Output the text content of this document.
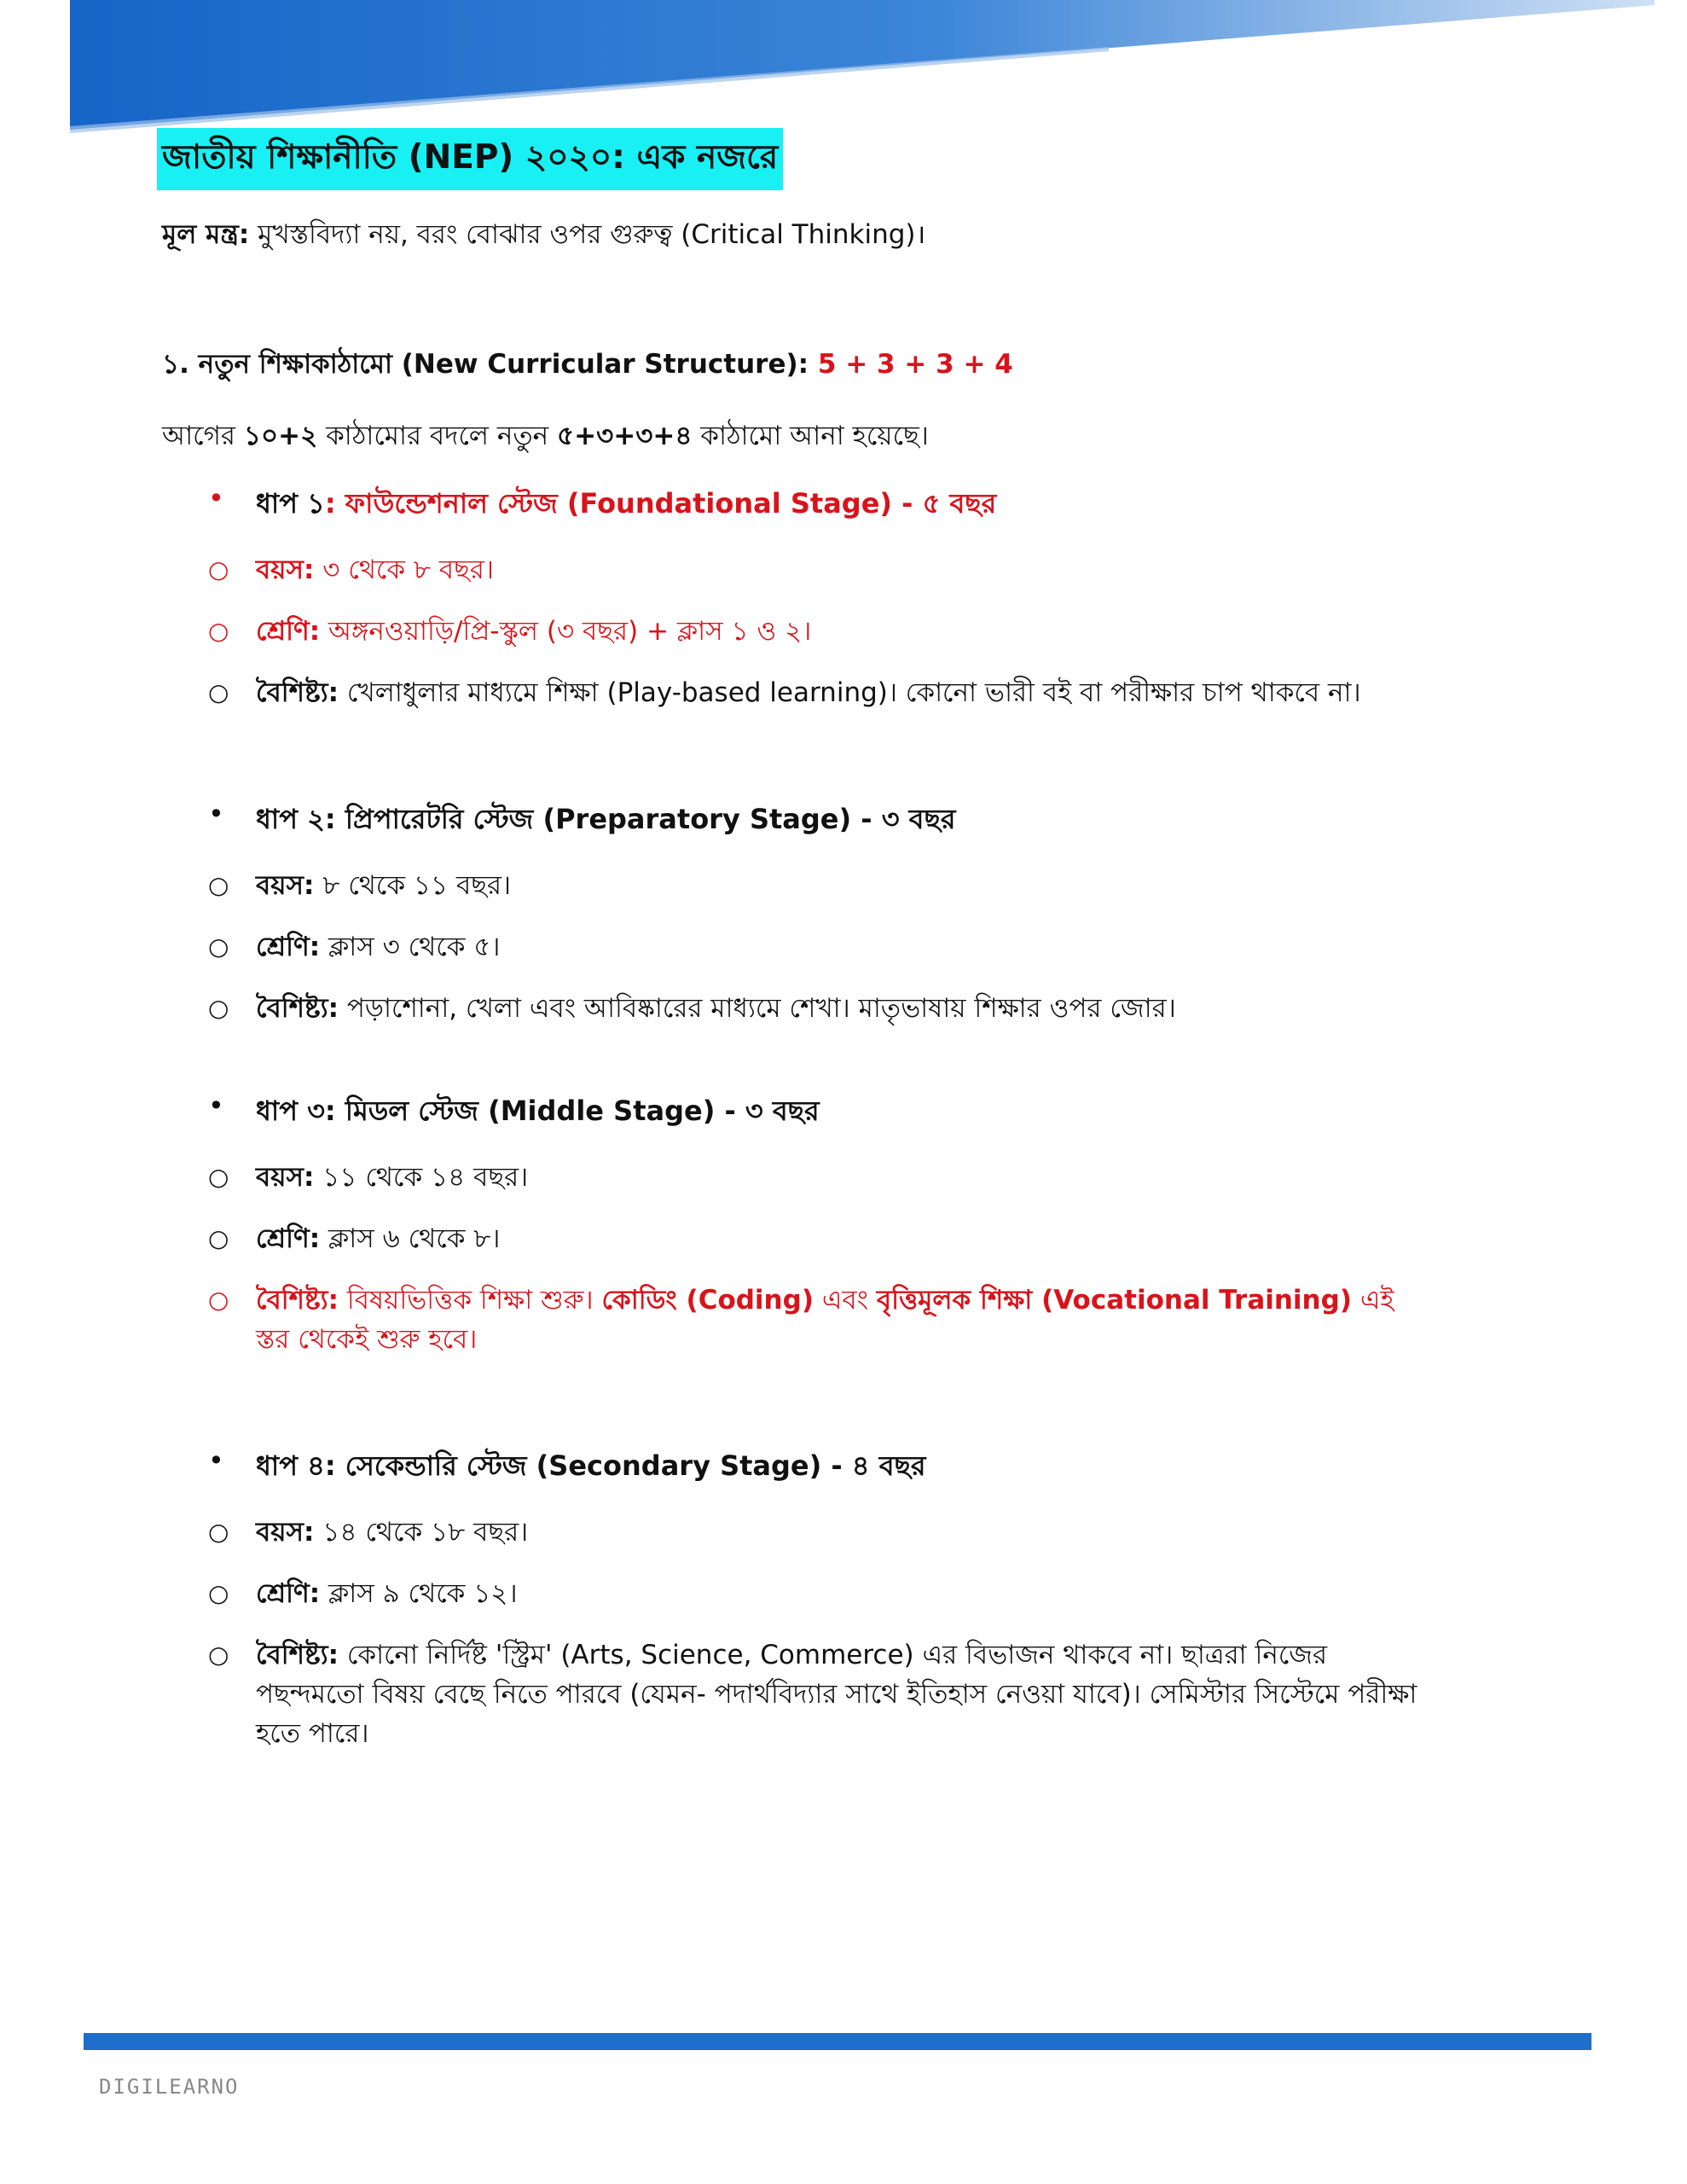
জাতীয় শিক্ষানীতি (NEP) ২০২০: এক নজরে
মূল মন্ত্র: মুখস্তবিদ্যা নয়, বরং বোঝার ওপর গুরুত্ব (Critical Thinking)।
১. নতুন শিক্ষাকাঠামো (New Curricular Structure): 5 + 3 + 3 + 4
আগের ১০+২ কাঠামোর বদলে নতুন ৫+৩+৩+৪ কাঠামো আনা হয়েছে।
• ধাপ ১: ফাউন্ডেশনাল স্টেজ (Foundational Stage) - ৫ বছর
○ বয়স: ৩ থেকে ৮ বছর।
○ শ্রেণি: অঙ্গনওয়াড়ি/প্রি-স্কুল (৩ বছর) + ক্লাস ১ ও ২।
○ বৈশিষ্ট্য: খেলাধুলার মাধ্যমে শিক্ষা (Play-based learning)। কোনো ভারী বই বা পরীক্ষার চাপ থাকবে না।
• ধাপ ২: প্রিপারেটরি স্টেজ (Preparatory Stage) - ৩ বছর
○ বয়স: ৮ থেকে ১১ বছর।
○ শ্রেণি: ক্লাস ৩ থেকে ৫।
○ বৈশিষ্ট্য: পড়াশোনা, খেলা এবং আবিষ্কারের মাধ্যমে শেখা। মাতৃভাষায় শিক্ষার ওপর জোর।
• ধাপ ৩: মিডল স্টেজ (Middle Stage) - ৩ বছর
○ বয়স: ১১ থেকে ১৪ বছর।
○ শ্রেণি: ক্লাস ৬ থেকে ৮।
○ বৈশিষ্ট্য: বিষয়ভিত্তিক শিক্ষা শুরু। কোডিং (Coding) এবং বৃত্তিমূলক শিক্ষা (Vocational Training) এই স্তর থেকেই শুরু হবে।
• ধাপ ৪: সেকেন্ডারি স্টেজ (Secondary Stage) - ৪ বছর
○ বয়স: ১৪ থেকে ১৮ বছর।
○ শ্রেণি: ক্লাস ৯ থেকে ১২।
○ বৈশিষ্ট্য: কোনো নির্দিষ্ট 'স্ট্রিম' (Arts, Science, Commerce) এর বিভাজন থাকবে না। ছাত্ররা নিজের পছন্দমতো বিষয় বেছে নিতে পারবে (যেমন- পদার্থবিদ্যার সাথে ইতিহাস নেওয়া যাবে)। সেমিস্টার সিস্টেমে পরীক্ষা হতে পারে।
DIGILEARNO
